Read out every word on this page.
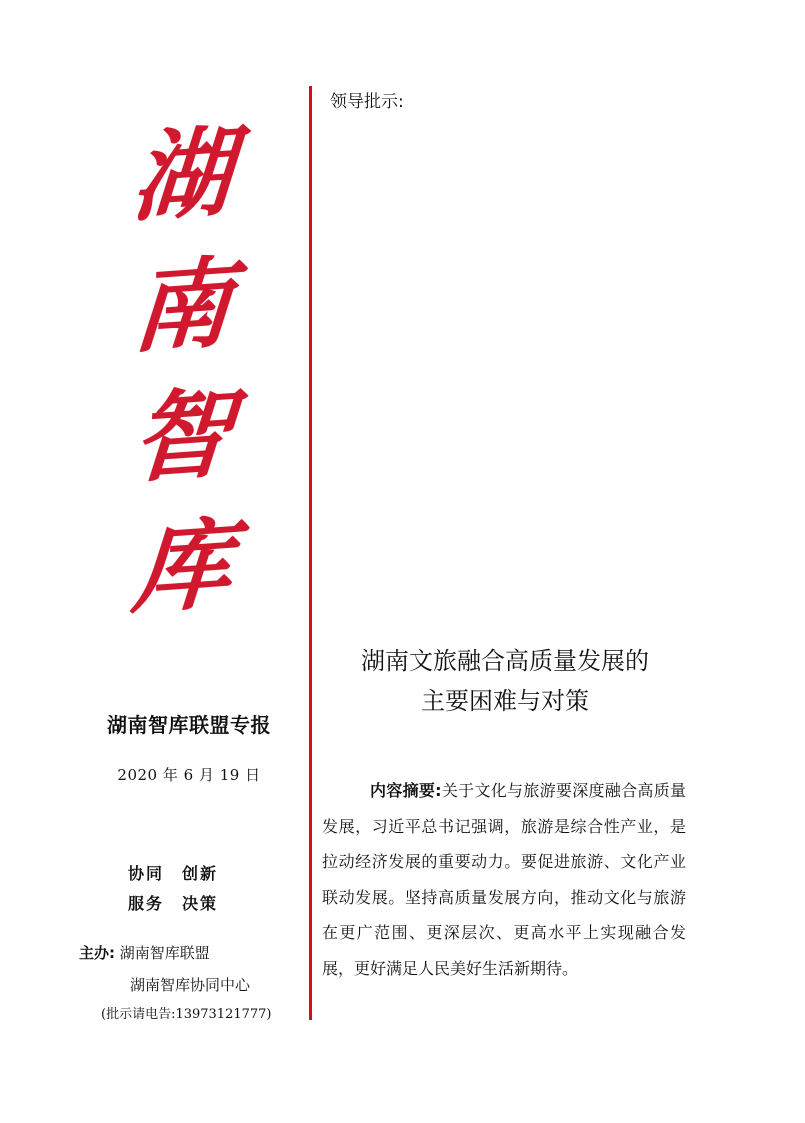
湖
南
智
库
湖南智库联盟专报
2020 年 6 月 19 日
协同　创新
服务　决策
主办: 湖南智库联盟
湖南智库协同中心
(批示请电告:13973121777)
领导批示:
湖南文旅融合高质量发展的
主要困难与对策
内容摘要:关于文化与旅游要深度融合高质量发展，习近平总书记强调，旅游是综合性产业，是拉动经济发展的重要动力。要促进旅游、文化产业联动发展。坚持高质量发展方向，推动文化与旅游在更广范围、更深层次、更高水平上实现融合发展，更好满足人民美好生活新期待。
